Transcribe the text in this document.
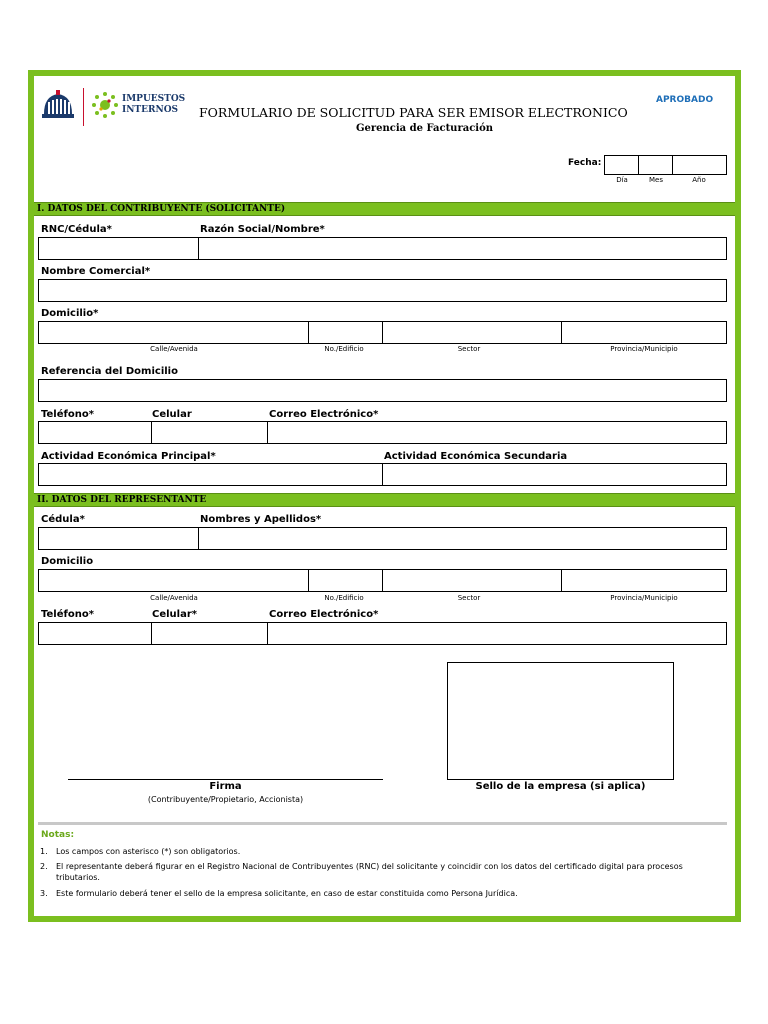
IMPUESTOS
INTERNOS FORMULARIO DE SOLICITUD PARA SER EMISOR ELECTRONICO
Gerencia de Facturación
APROBADO
Fecha:
Día	Mes	Año
I. DATOS DEL CONTRIBUYENTE (SOLICITANTE)
RNC/Cédula*	Razón Social/Nombre*
Nombre Comercial*
Domicilio*
Calle/Avenida	No./Edificio	Sector	Provincia/Municipio
Referencia del Domicilio
Teléfono*	Celular	Correo Electrónico*
Actividad Económica Principal*	Actividad Económica Secundaria
II. DATOS DEL REPRESENTANTE
Cédula*	Nombres y Apellidos*
Domicilio
Calle/Avenida	No./Edificio	Sector	Provincia/Municipio
Teléfono*	Celular*	Correo Electrónico*
Firma
(Contribuyente/Propietario, Accionista)
Sello de la empresa (si aplica)
Notas:
1. Los campos con asterisco (*) son obligatorios.
2. El representante deberá figurar en el Registro Nacional de Contribuyentes (RNC) del solicitante y coincidir con los datos del certificado digital para procesos tributarios.
3. Este formulario deberá tener el sello de la empresa solicitante, en caso de estar constituida como Persona Jurídica.
